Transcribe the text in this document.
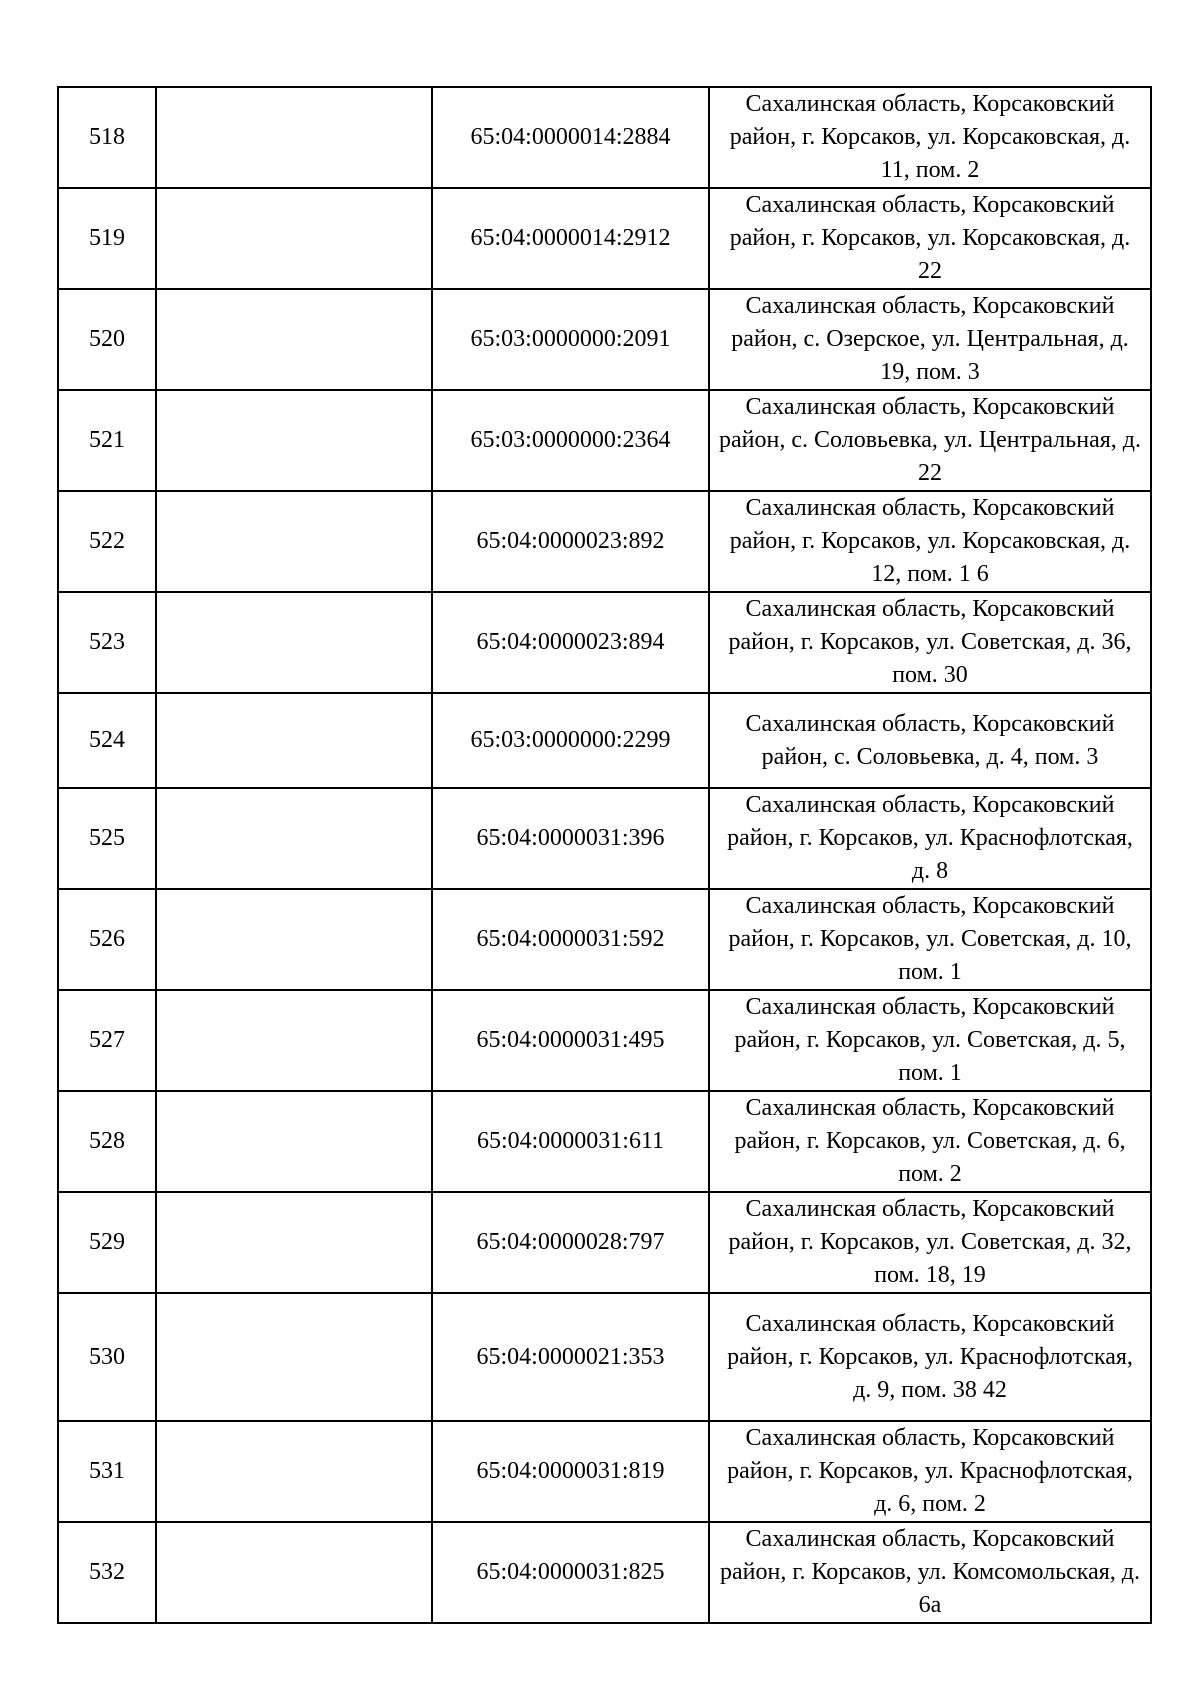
518		65:04:0000014:2884	Сахалинская область, Корсаковский район, г. Корсаков, ул. Корсаковская, д. 11, пом. 2
519		65:04:0000014:2912	Сахалинская область, Корсаковский район, г. Корсаков, ул. Корсаковская, д. 22
520		65:03:0000000:2091	Сахалинская область, Корсаковский район, с. Озерское, ул. Центральная, д. 19, пом. 3
521		65:03:0000000:2364	Сахалинская область, Корсаковский район, с. Соловьевка, ул. Центральная, д. 22
522		65:04:0000023:892	Сахалинская область, Корсаковский район, г. Корсаков, ул. Корсаковская, д. 12, пом. 1 6
523		65:04:0000023:894	Сахалинская область, Корсаковский район, г. Корсаков, ул. Советская, д. 36, пом. 30
524		65:03:0000000:2299	Сахалинская область, Корсаковский район, с. Соловьевка, д. 4, пом. 3
525		65:04:0000031:396	Сахалинская область, Корсаковский район, г. Корсаков, ул. Краснофлотская, д. 8
526		65:04:0000031:592	Сахалинская область, Корсаковский район, г. Корсаков, ул. Советская, д. 10, пом. 1
527		65:04:0000031:495	Сахалинская область, Корсаковский район, г. Корсаков, ул. Советская, д. 5, пом. 1
528		65:04:0000031:611	Сахалинская область, Корсаковский район, г. Корсаков, ул. Советская, д. 6, пом. 2
529		65:04:0000028:797	Сахалинская область, Корсаковский район, г. Корсаков, ул. Советская, д. 32, пом. 18, 19
530		65:04:0000021:353	Сахалинская область, Корсаковский район, г. Корсаков, ул. Краснофлотская, д. 9, пом. 38 42
531		65:04:0000031:819	Сахалинская область, Корсаковский район, г. Корсаков, ул. Краснофлотская, д. 6, пом. 2
532		65:04:0000031:825	Сахалинская область, Корсаковский район, г. Корсаков, ул. Комсомольская, д. 6а
